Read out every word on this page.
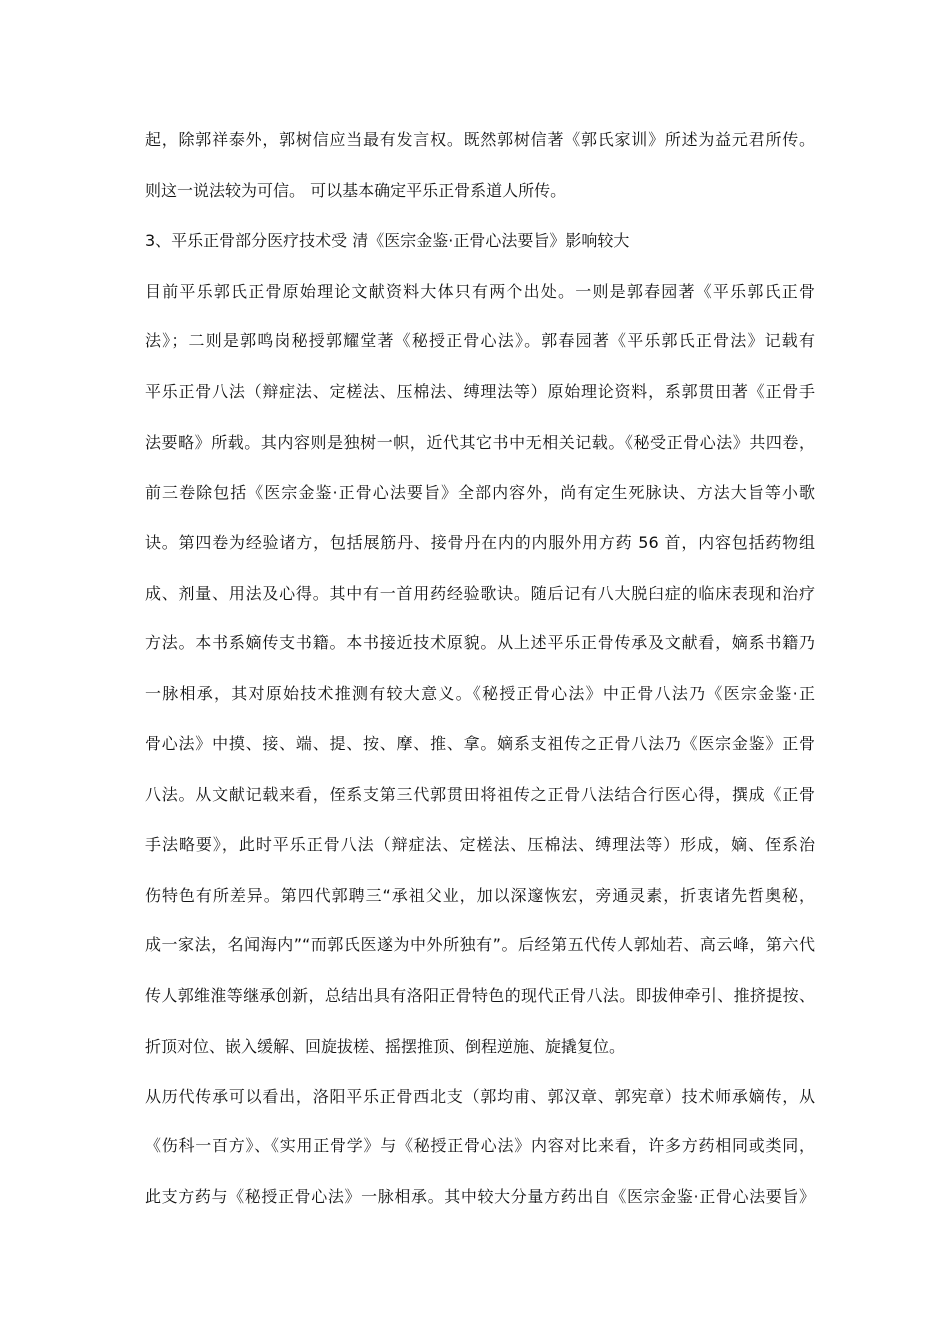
起，除郭祥泰外，郭树信应当最有发言权。既然郭树信著《郭氏家训》所述为益元君所传。
则这一说法较为可信。 可以基本确定平乐正骨系道人所传。
3、平乐正骨部分医疗技术受 清《医宗金鉴·正骨心法要旨》影响较大
目前平乐郭氏正骨原始理论文献资料大体只有两个出处。一则是郭春园著《平乐郭氏正骨
法》；二则是郭鸣岗秘授郭耀堂著《秘授正骨心法》。郭春园著《平乐郭氏正骨法》记载有
平乐正骨八法（辩症法、定槎法、压棉法、缚理法等）原始理论资料，系郭贯田著《正骨手
法要略》所载。其内容则是独树一帜，近代其它书中无相关记载。《秘受正骨心法》共四卷，
前三卷除包括《医宗金鉴·正骨心法要旨》全部内容外，尚有定生死脉诀、方法大旨等小歌
诀。第四卷为经验诸方，包括展筋丹、接骨丹在内的内服外用方药 56 首，内容包括药物组
成、剂量、用法及心得。其中有一首用药经验歌诀。随后记有八大脱臼症的临床表现和治疗
方法。本书系嫡传支书籍。本书接近技术原貌。从上述平乐正骨传承及文献看，嫡系书籍乃
一脉相承，其对原始技术推测有较大意义。《秘授正骨心法》中正骨八法乃《医宗金鉴·正
骨心法》中摸、接、端、提、按、摩、推、拿。嫡系支祖传之正骨八法乃《医宗金鉴》正骨
八法。从文献记载来看，侄系支第三代郭贯田将祖传之正骨八法结合行医心得，撰成《正骨
手法略要》，此时平乐正骨八法（辩症法、定槎法、压棉法、缚理法等）形成，嫡、侄系治
伤特色有所差异。第四代郭聘三“承祖父业，加以深邃恢宏，旁通灵素，折衷诸先哲奥秘，
成一家法，名闻海内”“而郭氏医遂为中外所独有”。后经第五代传人郭灿若、高云峰，第六代
传人郭维淮等继承创新，总结出具有洛阳正骨特色的现代正骨八法。即拔伸牵引、推挤提按、
折顶对位、嵌入缓解、回旋拔槎、摇摆推顶、倒程逆施、旋撬复位。
从历代传承可以看出，洛阳平乐正骨西北支（郭均甫、郭汉章、郭宪章）技术师承嫡传，从
《伤科一百方》、《实用正骨学》与《秘授正骨心法》内容对比来看，许多方药相同或类同，
此支方药与《秘授正骨心法》一脉相承。其中较大分量方药出自《医宗金鉴·正骨心法要旨》
